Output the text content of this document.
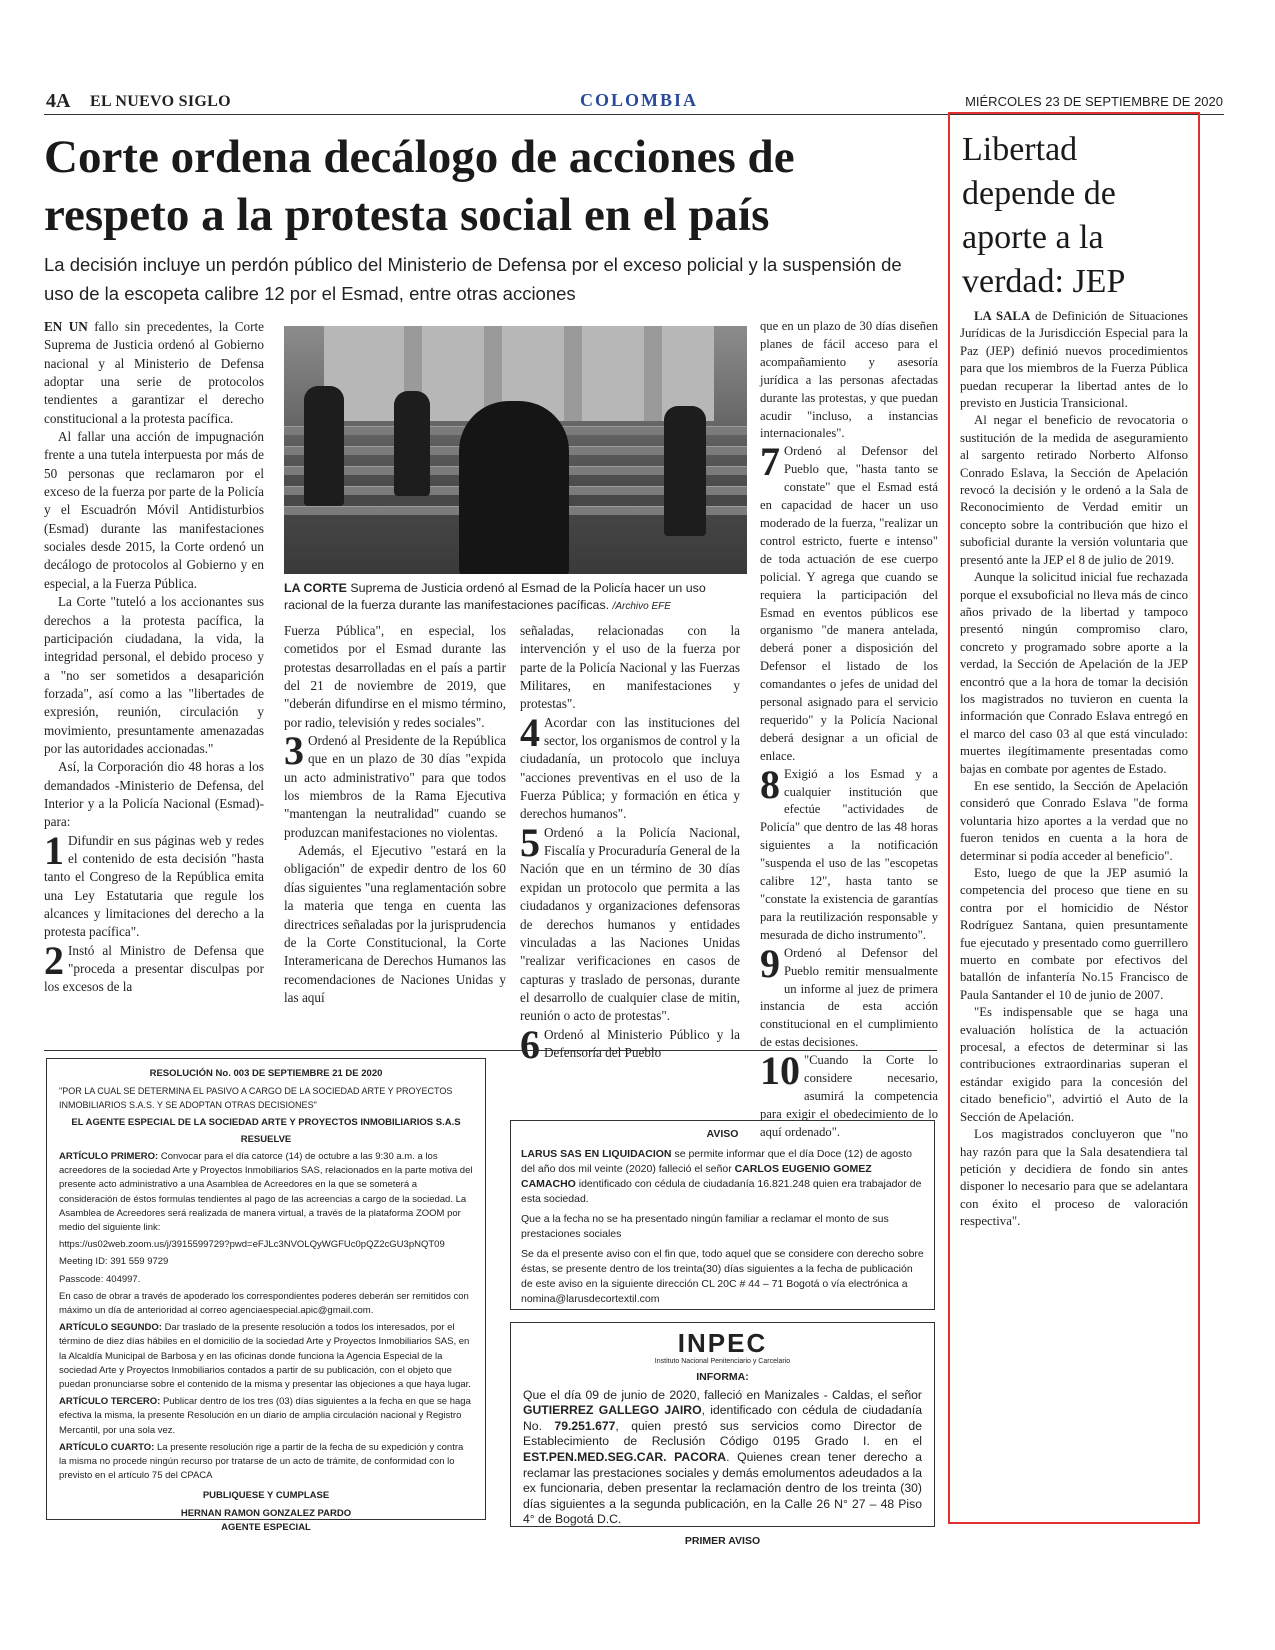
4A EL NUEVO SIGLO	COLOMBIA	MIÉRCOLES 23 DE SEPTIEMBRE DE 2020
Corte ordena decálogo de acciones de respeto a la protesta social en el país
La decisión incluye un perdón público del Ministerio de Defensa por el exceso policial y la suspensión de uso de la escopeta calibre 12 por el Esmad, entre otras acciones

EN UN fallo sin precedentes, la Corte Suprema de Justicia ordenó al Gobierno nacional y al Ministerio de Defensa adoptar una serie de protocolos tendientes a garantizar el derecho constitucional a la protesta pacífica.

Al fallar una acción de impugnación frente a una tutela interpuesta por más de 50 personas que reclamaron por el exceso de la fuerza por parte de la Policía y el Escuadrón Móvil Antidisturbios (Esmad) durante las manifestaciones sociales desde 2015, la Corte ordenó un decálogo de protocolos al Gobierno y en especial, a la Fuerza Pública.

La Corte "tuteló a los accionantes sus derechos a la protesta pacífica, la participación ciudadana, la vida, la integridad personal, el debido proceso y a "no ser sometidos a desaparición forzada", así como a las "libertades de expresión, reunión, circulación y movimiento, presuntamente amenazadas por las autoridades accionadas."

Así, la Corporación dio 48 horas a los demandados -Ministerio de Defensa, del Interior y a la Policía Nacional (Esmad)- para:

1 Difundir en sus páginas web y redes el contenido de esta decisión "hasta tanto el Congreso de la República emita una Ley Estatutaria que regule los alcances y limitaciones del derecho a la protesta pacífica".

2 Instó al Ministro de Defensa que "proceda a presentar disculpas por los excesos de la

LA CORTE Suprema de Justicia ordenó al Esmad de la Policía hacer un uso racional de la fuerza durante las manifestaciones pacíficas. /Archivo EFE

Fuerza Pública", en especial, los cometidos por el Esmad durante las protestas desarrolladas en el país a partir del 21 de noviembre de 2019, que "deberán difundirse en el mismo término, por radio, televisión y redes sociales".

3 Ordenó al Presidente de la República que en un plazo de 30 días "expida un acto administrativo" para que todos los miembros de la Rama Ejecutiva "mantengan la neutralidad" cuando se produzcan manifestaciones no violentas.

Además, el Ejecutivo "estará en la obligación" de expedir dentro de los 60 días siguientes "una reglamentación sobre la materia que tenga en cuenta las directrices señaladas por la jurisprudencia de la Corte Constitucional, la Corte Interamericana de Derechos Humanos las recomendaciones de Naciones Unidas y las aquí

señaladas, relacionadas con la intervención y el uso de la fuerza por parte de la Policía Nacional y las Fuerzas Militares, en manifestaciones y protestas".

4 Acordar con las instituciones del sector, los organismos de control y la ciudadanía, un protocolo que incluya "acciones preventivas en el uso de la Fuerza Pública; y formación en ética y derechos humanos".

5 Ordenó a la Policía Nacional, Fiscalía y Procuraduría General de la Nación que en un término de 30 días expidan un protocolo que permita a las ciudadanos y organizaciones defensoras de derechos humanos y entidades vinculadas a las Naciones Unidas "realizar verificaciones en casos de capturas y traslado de personas, durante el desarrollo de cualquier clase de mitin, reunión o acto de protestas".

6 Ordenó al Ministerio Público y la Defensoría del Pueblo

que en un plazo de 30 días diseñen planes de fácil acceso para el acompañamiento y asesoría jurídica a las personas afectadas durante las protestas, y que puedan acudir "incluso, a instancias internacionales".

7 Ordenó al Defensor del Pueblo que, "hasta tanto se constate" que el Esmad está en capacidad de hacer un uso moderado de la fuerza, "realizar un control estricto, fuerte e intenso" de toda actuación de ese cuerpo policial. Y agrega que cuando se requiera la participación del Esmad en eventos públicos ese organismo "de manera antelada, deberá poner a disposición del Defensor el listado de los comandantes o jefes de unidad del personal asignado para el servicio requerido" y la Policía Nacional deberá designar a un oficial de enlace.

8 Exigió a los Esmad y a cualquier institución que efectúe "actividades de Policía" que dentro de las 48 horas siguientes a la notificación "suspenda el uso de las "escopetas calibre 12", hasta tanto se "constate la existencia de garantías para la reutilización responsable y mesurada de dicho instrumento".

9 Ordenó al Defensor del Pueblo remitir mensualmente un informe al juez de primera instancia de esta acción constitucional en el cumplimiento de estas decisiones.

10 "Cuando la Corte lo considere necesario, asumirá la competencia para exigir el obedecimiento de lo aquí ordenado".

RESOLUCIÓN No. 003 DE SEPTIEMBRE 21 DE 2020

"POR LA CUAL SE DETERMINA EL PASIVO A CARGO DE LA SOCIEDAD ARTE Y PROYECTOS INMOBILIARIOS S.A.S. Y SE ADOPTAN OTRAS DECISIONES"

EL AGENTE ESPECIAL DE LA SOCIEDAD ARTE Y PROYECTOS INMOBILIARIOS S.A.S

RESUELVE

ARTÍCULO PRIMERO: Convocar para el día catorce (14) de octubre a las 9:30 a.m. a los acreedores de la sociedad Arte y Proyectos Inmobiliarios SAS, relacionados en la parte motiva del presente acto administrativo a una Asamblea de Acreedores en la que se someterá a consideración de éstos formulas tendientes al pago de las acreencias a cargo de la sociedad. La Asamblea de Acreedores será realizada de manera virtual, a través de la plataforma ZOOM por medio del siguiente link:

https://us02web.zoom.us/j/3915599729?pwd=eFJLc3NVOLQyWGFUc0pQZ2cGU3pNQT09

Meeting ID: 391 559 9729

Passcode: 404997.

En caso de obrar a través de apoderado los correspondientes poderes deberán ser remitidos con máximo un día de anterioridad al correo agenciaespecial.apic@gmail.com.

ARTÍCULO SEGUNDO: Dar traslado de la presente resolución a todos los interesados, por el término de diez días hábiles en el domicilio de la sociedad Arte y Proyectos Inmobiliarios SAS, en la Alcaldía Municipal de Barbosa y en las oficinas donde funciona la Agencia Especial de la sociedad Arte y Proyectos Inmobiliarios contados a partir de su publicación, con el objeto que puedan pronunciarse sobre el contenido de la misma y presentar las objeciones a que haya lugar.

ARTÍCULO TERCERO: Publicar dentro de los tres (03) días siguientes a la fecha en que se haga efectiva la misma, la presente Resolución en un diario de amplia circulación nacional y Registro Mercantil, por una sola vez.

ARTÍCULO CUARTO: La presente resolución rige a partir de la fecha de su expedición y contra la misma no procede ningún recurso por tratarse de un acto de trámite, de conformidad con lo previsto en el artículo 75 del CPACA

PUBLIQUESE Y CUMPLASE

HERNAN RAMON GONZALEZ PARDO

AGENTE ESPECIAL

AVISO

LARUS SAS EN LIQUIDACION se permite informar que el día Doce (12) de agosto del año dos mil veinte (2020) falleció el señor CARLOS EUGENIO GOMEZ CAMACHO identificado con cédula de ciudadanía 16.821.248 quien era trabajador de esta sociedad.

Que a la fecha no se ha presentado ningún familiar a reclamar el monto de sus prestaciones sociales

Se da el presente aviso con el fin que, todo aquel que se considere con derecho sobre éstas, se presente dentro de los treinta(30) días siguientes a la fecha de publicación de este aviso en la siguiente dirección CL 20C # 44 – 71 Bogotá o vía electrónica a nomina@larusdecortextil.com

INPEC
Instituto Nacional Penitenciario y Carcelario
INFORMA:
Que el día 09 de junio de 2020, falleció en Manizales - Caldas, el señor GUTIERREZ GALLEGO JAIRO, identificado con cédula de ciudadanía No. 79.251.677, quien prestó sus servicios como Director de Establecimiento de Reclusión Código 0195 Grado I. en el EST.PEN.MED.SEG.CAR. PACORA. Quienes crean tener derecho a reclamar las prestaciones sociales y demás emolumentos adeudados a la ex funcionaria, deben presentar la reclamación dentro de los treinta (30) días siguientes a la segunda publicación, en la Calle 26 N° 27 – 48 Piso 4° de Bogotá D.C.
PRIMER AVISO
Libertad depende de aporte a la verdad: JEP

LA SALA de Definición de Situaciones Jurídicas de la Jurisdicción Especial para la Paz (JEP) definió nuevos procedimientos para que los miembros de la Fuerza Pública puedan recuperar la libertad antes de lo previsto en Justicia Transicional.

Al negar el beneficio de revocatoria o sustitución de la medida de aseguramiento al sargento retirado Norberto Alfonso Conrado Eslava, la Sección de Apelación revocó la decisión y le ordenó a la Sala de Reconocimiento de Verdad emitir un concepto sobre la contribución que hizo el suboficial durante la versión voluntaria que presentó ante la JEP el 8 de julio de 2019.

Aunque la solicitud inicial fue rechazada porque el exsuboficial no lleva más de cinco años privado de la libertad y tampoco presentó ningún compromiso claro, concreto y programado sobre aporte a la verdad, la Sección de Apelación de la JEP encontró que a la hora de tomar la decisión los magistrados no tuvieron en cuenta la información que Conrado Eslava entregó en el marco del caso 03 al que está vinculado: muertes ilegítimamente presentadas como bajas en combate por agentes de Estado.

En ese sentido, la Sección de Apelación consideró que Conrado Eslava "de forma voluntaria hizo aportes a la verdad que no fueron tenidos en cuenta a la hora de determinar si podía acceder al beneficio".

Esto, luego de que la JEP asumió la competencia del proceso que tiene en su contra por el homicidio de Néstor Rodríguez Santana, quien presuntamente fue ejecutado y presentado como guerrillero muerto en combate por efectivos del batallón de infantería No.15 Francisco de Paula Santander el 10 de junio de 2007.

"Es indispensable que se haga una evaluación holística de la actuación procesal, a efectos de determinar si las contribuciones extraordinarias superan el estándar exigido para la concesión del citado beneficio", advirtió el Auto de la Sección de Apelación.

Los magistrados concluyeron que "no hay razón para que la Sala desatendiera tal petición y decidiera de fondo sin antes disponer lo necesario para que se adelantara con éxito el proceso de valoración respectiva".
